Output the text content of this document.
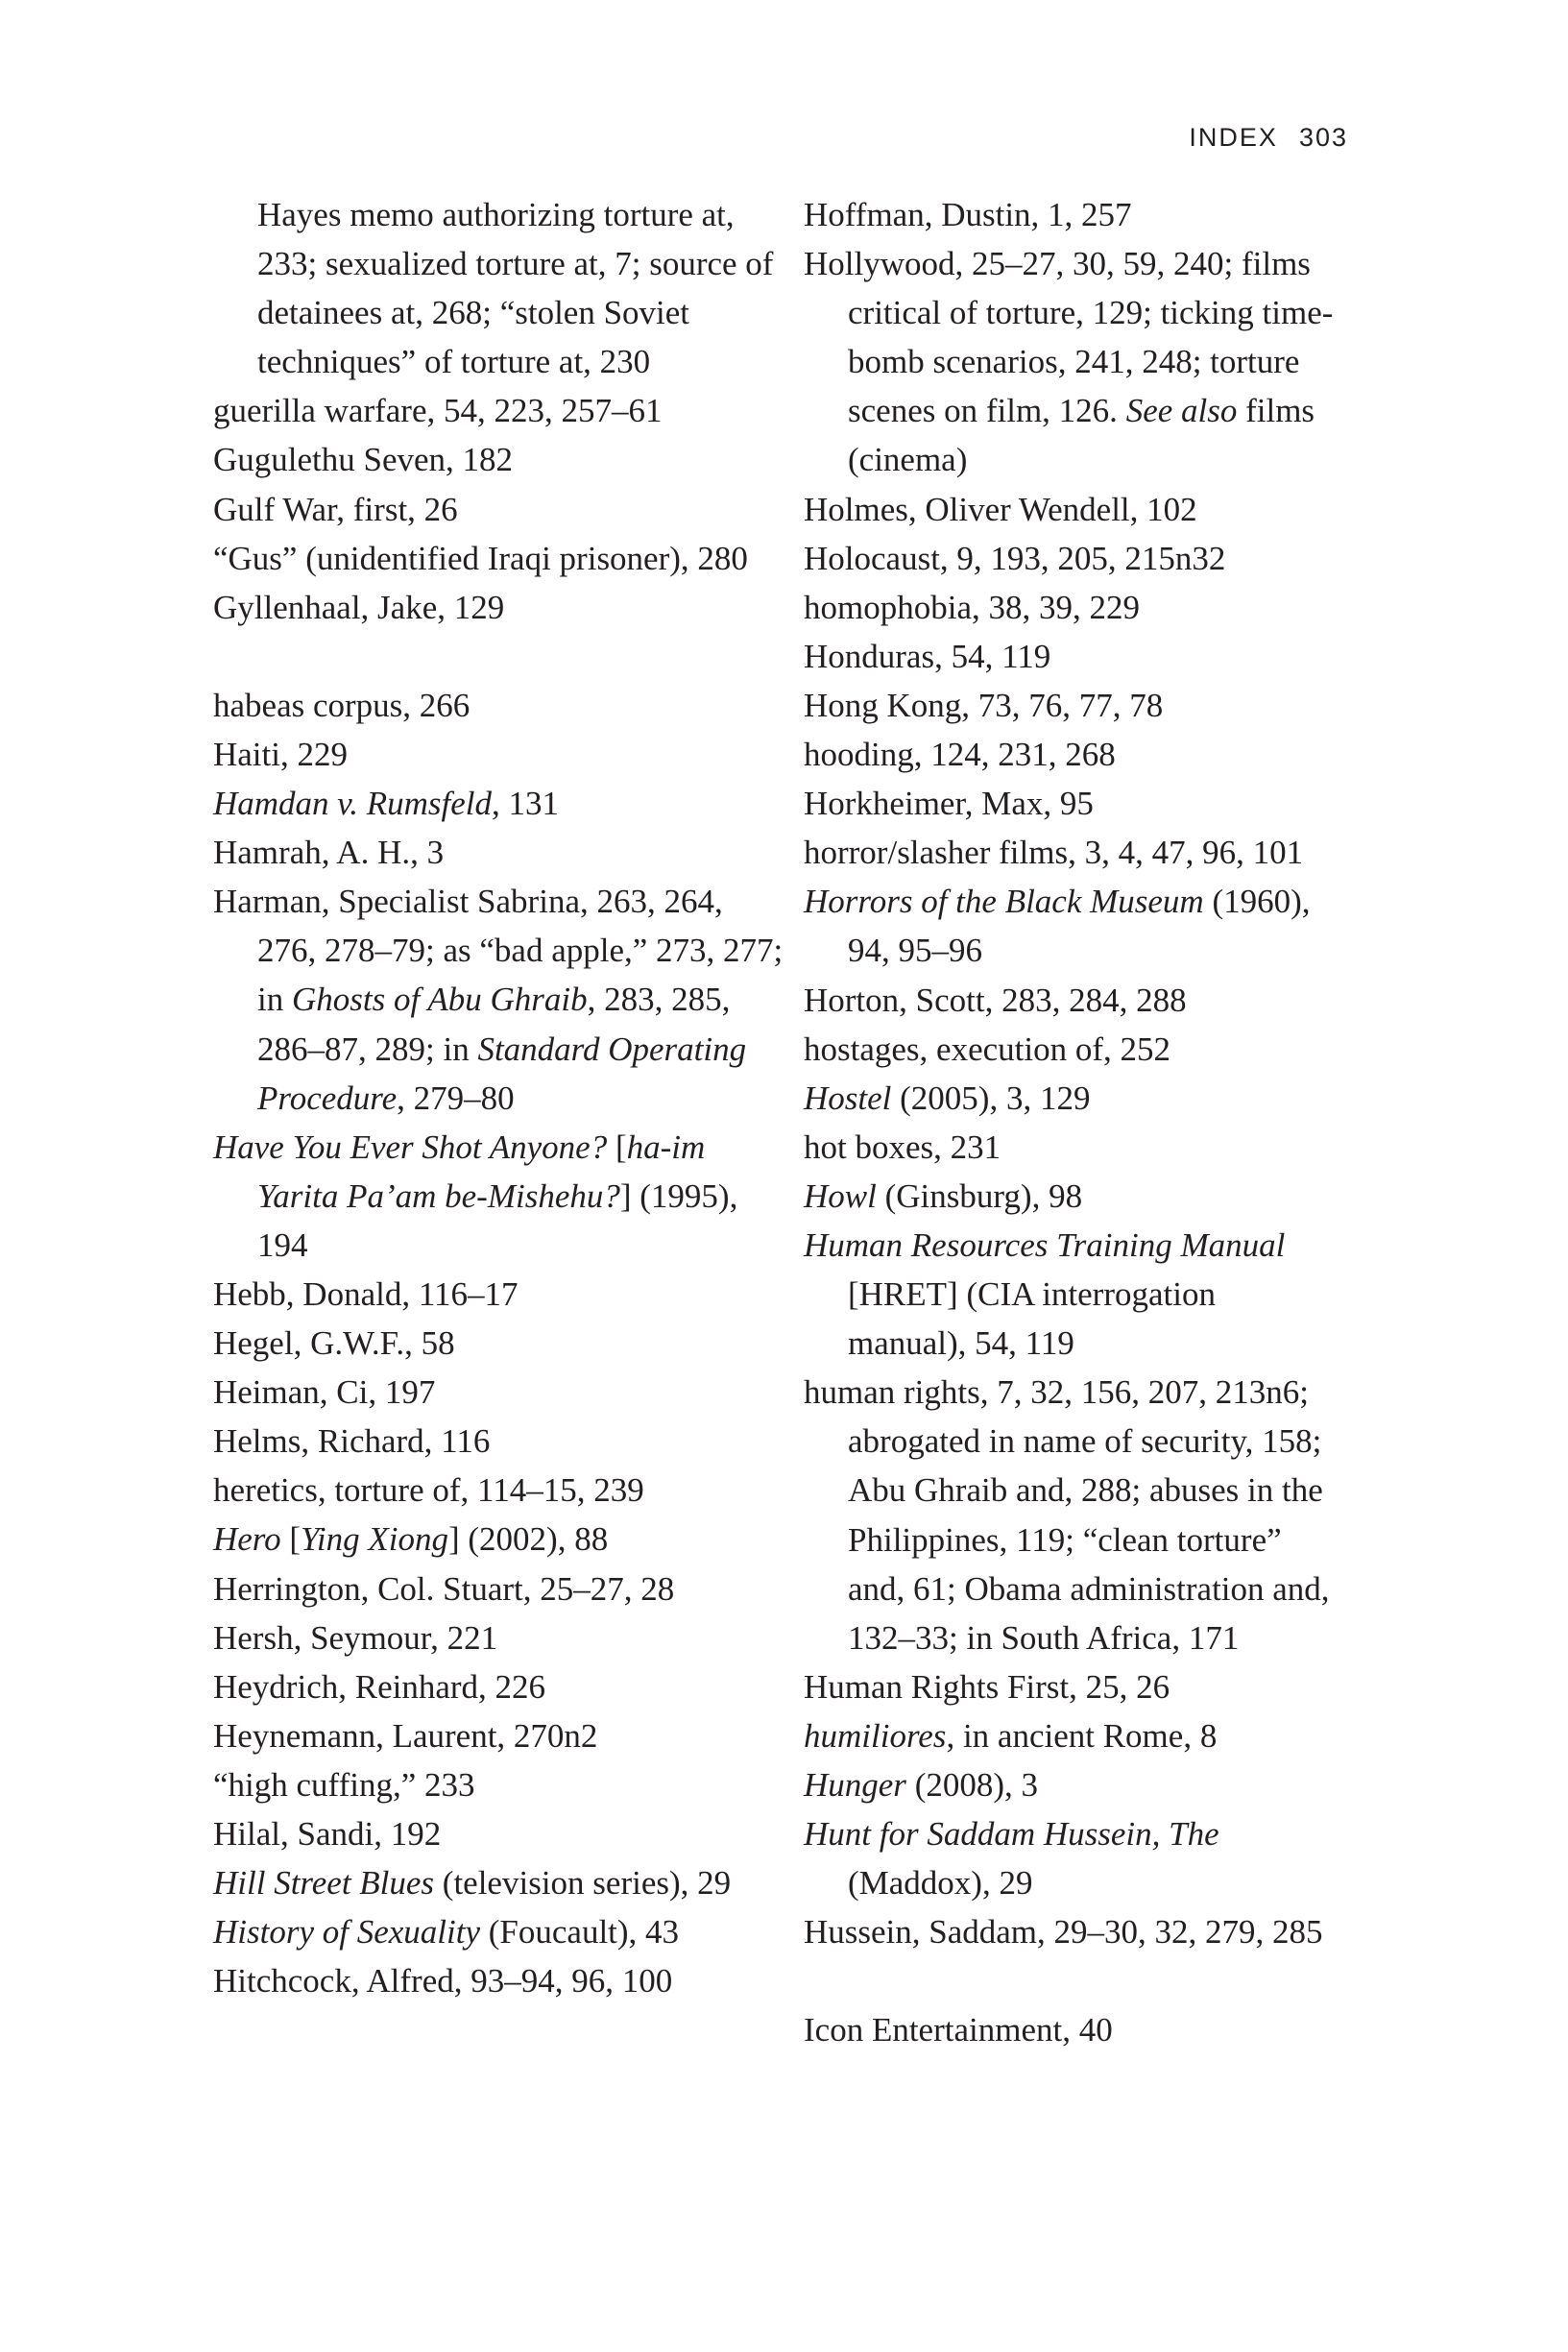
INDEX 303
Hayes memo authorizing torture at, 233; sexualized torture at, 7; source of detainees at, 268; “stolen Soviet techniques” of torture at, 230
guerilla warfare, 54, 223, 257–61
Gugulethu Seven, 182
Gulf War, first, 26
“Gus” (unidentified Iraqi prisoner), 280
Gyllenhaal, Jake, 129
habeas corpus, 266
Haiti, 229
Hamdan v. Rumsfeld, 131
Hamrah, A. H., 3
Harman, Specialist Sabrina, 263, 264, 276, 278–79; as “bad apple,” 273, 277; in Ghosts of Abu Ghraib, 283, 285, 286–87, 289; in Standard Operating Procedure, 279–80
Have You Ever Shot Anyone? [ha-im Yarita Pa’am be-Mishehu?] (1995), 194
Hebb, Donald, 116–17
Hegel, G.W.F., 58
Heiman, Ci, 197
Helms, Richard, 116
heretics, torture of, 114–15, 239
Hero [Ying Xiong] (2002), 88
Herrington, Col. Stuart, 25–27, 28
Hersh, Seymour, 221
Heydrich, Reinhard, 226
Heynemann, Laurent, 270n2
“high cuffing,” 233
Hilal, Sandi, 192
Hill Street Blues (television series), 29
History of Sexuality (Foucault), 43
Hitchcock, Alfred, 93–94, 96, 100
Hoffman, Dustin, 1, 257
Hollywood, 25–27, 30, 59, 240; films critical of torture, 129; ticking time-bomb scenarios, 241, 248; torture scenes on film, 126. See also films (cinema)
Holmes, Oliver Wendell, 102
Holocaust, 9, 193, 205, 215n32
homophobia, 38, 39, 229
Honduras, 54, 119
Hong Kong, 73, 76, 77, 78
hooding, 124, 231, 268
Horkheimer, Max, 95
horror/slasher films, 3, 4, 47, 96, 101
Horrors of the Black Museum (1960), 94, 95–96
Horton, Scott, 283, 284, 288
hostages, execution of, 252
Hostel (2005), 3, 129
hot boxes, 231
Howl (Ginsburg), 98
Human Resources Training Manual [HRET] (CIA interrogation manual), 54, 119
human rights, 7, 32, 156, 207, 213n6; abrogated in name of security, 158; Abu Ghraib and, 288; abuses in the Philippines, 119; “clean torture” and, 61; Obama administration and, 132–33; in South Africa, 171
Human Rights First, 25, 26
humiliores, in ancient Rome, 8
Hunger (2008), 3
Hunt for Saddam Hussein, The (Maddox), 29
Hussein, Saddam, 29–30, 32, 279, 285
Icon Entertainment, 40
